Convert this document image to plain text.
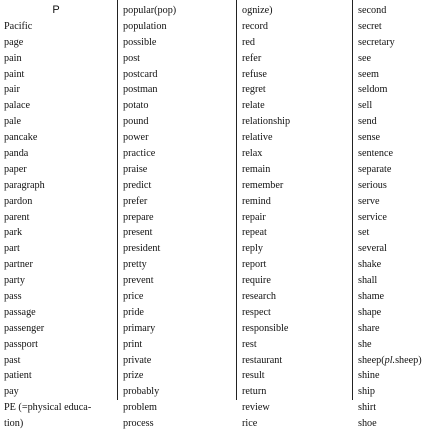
P
Pacific
page
pain
paint
pair
palace
pale
pancake
panda
paper
paragraph
pardon
parent
park
part
partner
party
pass
passage
passenger
passport
past
patient
pay
PE (=physical educa-
tion)
popular(pop)
population
possible
post
postcard
postman
potato
pound
power
practice
praise
predict
prefer
prepare
present
president
pretty
prevent
price
pride
primary
print
private
prize
probably
problem
process
ognize)
record
red
refer
refuse
regret
relate
relationship
relative
relax
remain
remember
remind
repair
repeat
reply
report
require
research
respect
responsible
rest
restaurant
result
return
review
rice
second
secret
secretary
see
seem
seldom
sell
send
sense
sentence
separate
serious
serve
service
set
several
shake
shall
shame
shape
share
she
sheep(pl.sheep)
shine
ship
shirt
shoe
